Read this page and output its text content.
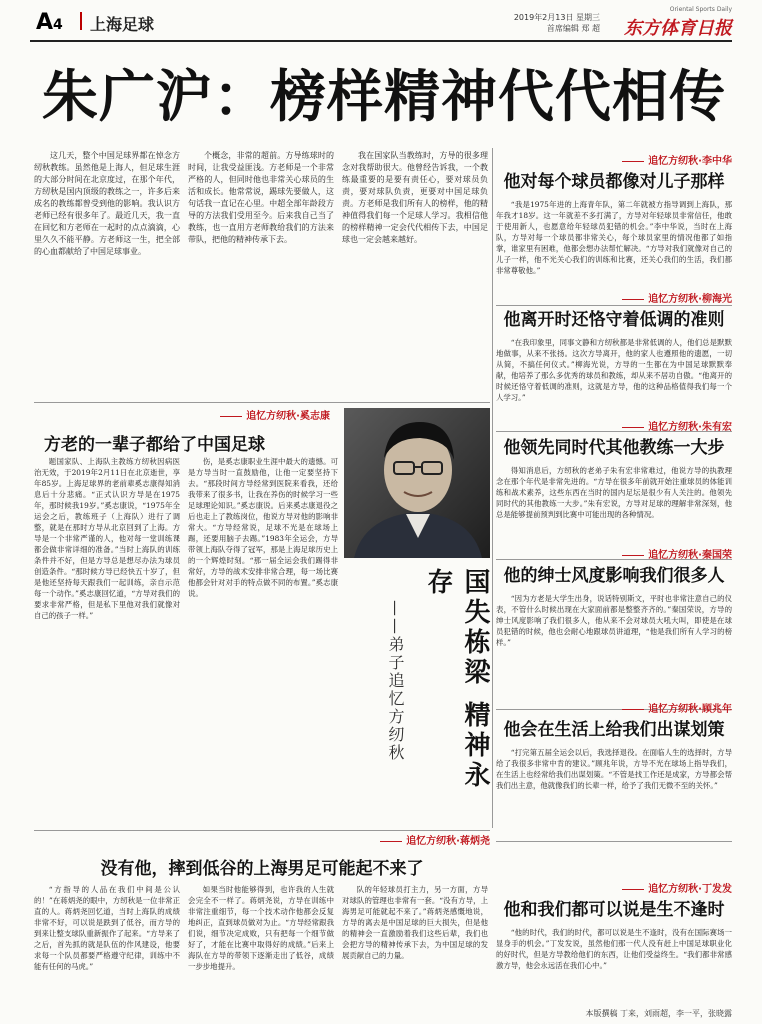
A4 上海足球	2019年2月13日 星期三
首席编辑 郑 超
Oriental Sports Daily
东方体育日报
朱广沪：榜样精神代代相传
这几天，整个中国足球界都在悼念方纫秋教练。虽然他是上海人，但足球生涯的大部分时间在北京度过，在那个年代，方纫秋是国内顶级的教练之一，许多后来成名的教练都曾受到他的影响。我认识方老师已经有很多年了。最近几天，我一直在回忆和方老师在一起时的点点滴滴，心里久久不能平静。方老师这一生，把全部的心血都献给了中国足球事业。
个概念，非常的超前。方导练球时的时间，让我受益匪浅。方老师是一个非常严格的人，但同时他也非常关心球员的生活和成长。他常常说，踢球先要做人，这句话我一直记在心里。中超全部年龄段方导的方法我们受用至今。后来我自己当了教练，也一直用方老师教给我们的方法来带队，把他的精神传承下去。
我在国家队当教练时，方导的很多理念对我帮助很大。他曾经告诉我，一个教练最重要的是要有责任心，要对球员负责，要对球队负责，更要对中国足球负责。方老师是我们所有人的榜样，他的精神值得我们每一个足球人学习。我相信他的榜样精神一定会代代相传下去，中国足球也一定会越来越好。
追忆方纫秋·奚志康
方老的一辈子都给了中国足球
题国家队、上海队主教练方纫秋因病医治无效，于2019年2月11日在北京逝世，享年85岁。上海足球界的老前辈奚志康得知消息后十分悲痛。“正式认识方导是在1975年，那时候我19岁。”奚志康说，“1975年全运会之后，教练班子（上海队）进行了调整，就是在那时方导从北京回到了上海。方导是一个非常严谨的人，他对每一堂训练课都会做非常详细的准备。”当时上海队的训练条件并不好，但是方导总是想尽办法为球员创造条件。“那时候方导已经快五十岁了，但是他还坚持每天跟我们一起训练，亲自示范每一个动作。”奚志康回忆道，“方导对我们的要求非常严格，但是私下里他对我们就像对自己的孩子一样。”
伤，是奚志康职业生涯中最大的遗憾。可是方导当时一直鼓励他，让他一定要坚持下去。“那段时间方导经常到医院来看我，还给我带来了很多书，让我在养伤的时候学习一些足球理论知识。”奚志康说。后来奚志康退役之后也走上了教练岗位，他说方导对他的影响非常大。“方导经常说，足球不光是在球场上踢，还要用脑子去踢。”1983年全运会，方导带领上海队夺得了冠军，那是上海足球历史上的一个辉煌时刻。“那一届全运会我们踢得非常好，方导的战术安排非常合理，每一场比赛他都会针对对手的特点做不同的布置。”奚志康说。	国失栋梁 精神永存
——弟子追忆方纫秋
追忆方纫秋·李中华
他对每个球员都像对儿子那样

“我是1975年进的上海青年队，第二年就被方指导调到上海队，那年我才18岁。这一年就差不多打满了，方导对年轻球员非常信任，他敢于使用新人，也愿意给年轻球员犯错的机会。”李中华说，当时在上海队，方导对每一个球员都非常关心，每个球员家里的情况他都了如指掌，谁家里有困难，他都会想办法帮忙解决。“方导对我们就像对自己的儿子一样，他不光关心我们的训练和比赛，还关心我们的生活，我们都非常尊敬他。”

追忆方纫秋·柳海光
他离开时还恪守着低调的准则

“在我印象里，同事文静和方纫秋都是非常低调的人，他们总是默默地做事，从来不张扬。这次方导离开，他的家人也遵照他的遗愿，一切从简，不搞任何仪式。”柳海光说，方导的一生都在为中国足球默默奉献，他培养了那么多优秀的球员和教练，却从来不居功自傲。“他离开的时候还恪守着低调的准则，这就是方导，他的这种品格值得我们每一个人学习。”

追忆方纫秋·朱有宏
他领先同时代其他教练一大步

得知消息后，方纫秋的老弟子朱有宏非常难过，他说方导的执教理念在那个年代是非常先进的。“方导在很多年前就开始注重球员的体能训练和战术素养，这些东西在当时的国内足坛是很少有人关注的。他领先同时代的其他教练一大步。”朱有宏说，方导对足球的理解非常深刻，他总是能够提前预判到比赛中可能出现的各种情况。

追忆方纫秋·秦国荣
他的绅士风度影响我们很多人

“因为方老是大学生出身，说话特别斯文，平时也非常注意自己的仪表，不管什么时候出现在大家面前都是整整齐齐的。”秦国荣说，方导的绅士风度影响了我们很多人，他从来不会对球员大吼大叫，即使是在球员犯错的时候，他也会耐心地跟球员讲道理，“他是我们所有人学习的榜样。”

追忆方纫秋·顾兆年
他会在生活上给我们出谋划策

“打完第五届全运会以后，我选择退役。在面临人生的选择时，方导给了我很多非常中肯的建议。”顾兆年说，方导不光在球场上指导我们，在生活上也经常给我们出谋划策。“不管是找工作还是成家，方导都会帮我们出主意，他就像我们的长辈一样，给予了我们无微不至的关怀。”

追忆方纫秋·丁发发
他和我们都可以说是生不逢时

“他的时代，我们的时代，都可以说是生不逢时，没有在国际赛场一显身手的机会。”丁发发说，虽然他们那一代人没有赶上中国足球职业化的好时代，但是方导教给他们的东西，让他们受益终生。“我们都非常感激方导，他会永远活在我们心中。”

追忆方纫秋·蒋炳尧
没有他，摔到低谷的上海男足可能起不来了
“方指导的人品在我们中间是公认的！”在蒋炳尧的眼中，方纫秋是一位非常正直的人。蒋炳尧回忆道，当时上海队的成绩非常不好，可以说是跌到了低谷，而方导的到来让整支球队重新振作了起来。“方导来了之后，首先抓的就是队伍的作风建设，他要求每一个队员都要严格遵守纪律，训练中不能有任何的马虎。”
如果当时他能够得到，也许我的人生就会完全不一样了。蒋炳尧说，方导在训练中非常注重细节，每一个技术动作他都会反复地纠正，直到球员做对为止。“方导经常跟我们说，细节决定成败，只有把每一个细节做好了，才能在比赛中取得好的成绩。”后来上海队在方导的带领下逐渐走出了低谷，成绩一步步地提升。
队的年轻球员打主力，另一方面，方导对球队的管理也非常有一套。“没有方导，上海男足可能就起不来了。”蒋炳尧感慨地说，方导的离去是中国足球的巨大损失，但是他的精神会一直激励着我们这些后辈，我们也会把方导的精神传承下去，为中国足球的发展贡献自己的力量。
本版撰稿 丁来，刘雨超，李一平，张晓露
